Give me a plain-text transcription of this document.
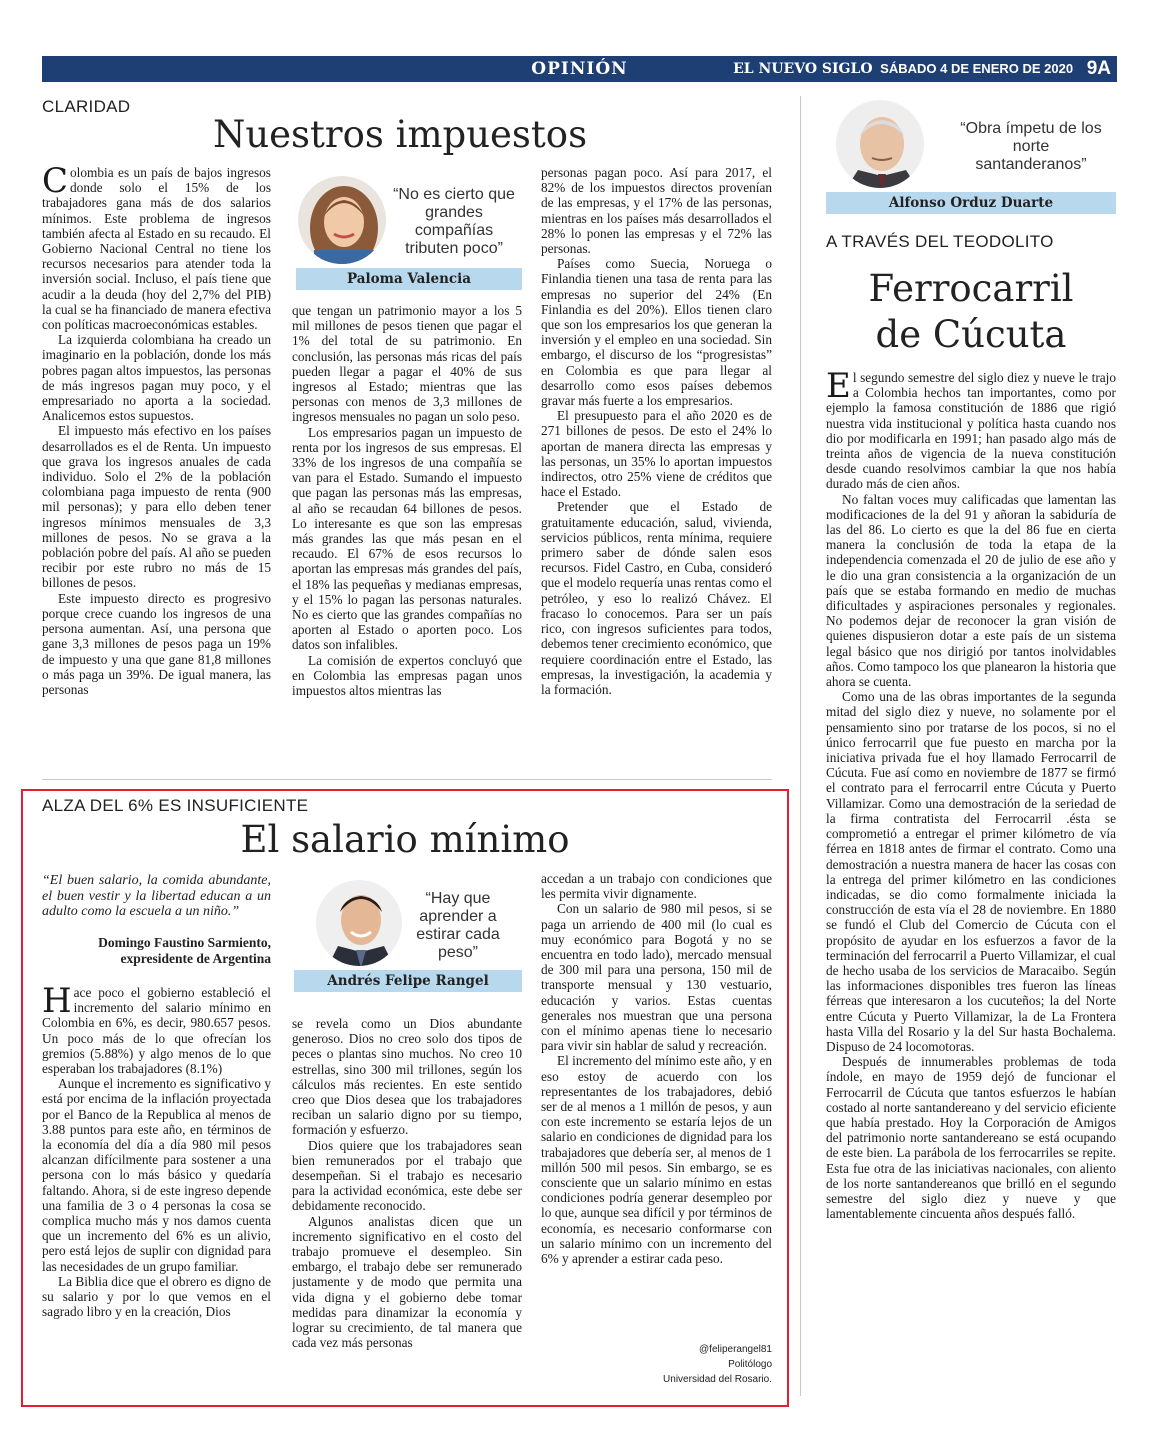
OPINIÓN	EL NUEVO SIGLO SÁBADO 4 DE ENERO DE 2020 9A
CLARIDAD
Nuestros impuestos

Colombia es un país de bajos ingresos donde solo el 15% de los trabajadores gana más de dos salarios mínimos. Este problema de ingresos también afecta al Estado en su recaudo. El Gobierno Nacional Central no tiene los recursos necesarios para atender toda la inversión social. Incluso, el país tiene que acudir a la deuda (hoy del 2,7% del PIB) la cual se ha financiado de manera efectiva con políticas macroeconómicas estables.

La izquierda colombiana ha creado un imaginario en la población, donde los más pobres pagan altos impuestos, las personas de más ingresos pagan muy poco, y el empresariado no aporta a la sociedad. Analicemos estos supuestos.

El impuesto más efectivo en los países desarrollados es el de Renta. Un impuesto que grava los ingresos anuales de cada individuo. Solo el 2% de la población colombiana paga impuesto de renta (900 mil personas); y para ello deben tener ingresos mínimos mensuales de 3,3 millones de pesos. No se grava a la población pobre del país. Al año se pueden recibir por este rubro no más de 15 billones de pesos.

Este impuesto directo es progresivo porque crece cuando los ingresos de una persona aumentan. Así, una persona que gane 3,3 millones de pesos paga un 19% de impuesto y una que gane 81,8 millones o más paga un 39%. De igual manera, las personas

“No es cierto que grandes compañías tributen poco”
Paloma Valencia

que tengan un patrimonio mayor a los 5 mil millones de pesos tienen que pagar el 1% del total de su patrimonio. En conclusión, las personas más ricas del país pueden llegar a pagar el 40% de sus ingresos al Estado; mientras que las personas con menos de 3,3 millones de ingresos mensuales no pagan un solo peso.

Los empresarios pagan un impuesto de renta por los ingresos de sus empresas. El 33% de los ingresos de una compañía se van para el Estado. Sumando el impuesto que pagan las personas más las empresas, al año se recaudan 64 billones de pesos. Lo interesante es que son las empresas más grandes las que más pesan en el recaudo. El 67% de esos recursos lo aportan las empresas más grandes del país, el 18% las pequeñas y medianas empresas, y el 15% lo pagan las personas naturales. No es cierto que las grandes compañías no aporten al Estado o aporten poco. Los datos son infalibles.

La comisión de expertos concluyó que en Colombia las empresas pagan unos impuestos altos mientras las

personas pagan poco. Así para 2017, el 82% de los impuestos directos provenían de las empresas, y el 17% de las personas, mientras en los países más desarrollados el 28% lo ponen las empresas y el 72% las personas.

Países como Suecia, Noruega o Finlandia tienen una tasa de renta para las empresas no superior del 24% (En Finlandia es del 20%). Ellos tienen claro que son los empresarios los que generan la inversión y el empleo en una sociedad. Sin embargo, el discurso de los “progresistas” en Colombia es que para llegar al desarrollo como esos países debemos gravar más fuerte a los empresarios.

El presupuesto para el año 2020 es de 271 billones de pesos. De esto el 24% lo aportan de manera directa las empresas y las personas, un 35% lo aportan impuestos indirectos, otro 25% viene de créditos que hace el Estado.

Pretender que el Estado de gratuitamente educación, salud, vivienda, servicios públicos, renta mínima, requiere primero saber de dónde salen esos recursos. Fidel Castro, en Cuba, consideró que el modelo requería unas rentas como el petróleo, y eso lo realizó Chávez. El fracaso lo conocemos. Para ser un país rico, con ingresos suficientes para todos, debemos tener crecimiento económico, que requiere coordinación entre el Estado, las empresas, la investigación, la academia y la formación.

ALZA DEL 6% ES INSUFICIENTE
El salario mínimo
“El buen salario, la comida abundante, el buen vestir y la libertad educan a un adulto como la escuela a un niño.”
Domingo Faustino Sarmiento,
expresidente de Argentina

Hace poco el gobierno estableció el incremento del salario mínimo en Colombia en 6%, es decir, 980.657 pesos. Un poco más de lo que ofrecían los gremios (5.88%) y algo menos de lo que esperaban los trabajadores (8.1%)

Aunque el incremento es significativo y está por encima de la inflación proyectada por el Banco de la Republica al menos de 3.88 puntos para este año, en términos de la economía del día a día 980 mil pesos alcanzan difícilmente para sostener a una persona con lo más básico y quedaría faltando. Ahora, si de este ingreso depende una familia de 3 o 4 personas la cosa se complica mucho más y nos damos cuenta que un incremento del 6% es un alivio, pero está lejos de suplir con dignidad para las necesidades de un grupo familiar.

La Biblia dice que el obrero es digno de su salario y por lo que vemos en el sagrado libro y en la creación, Dios

“Hay que aprender a estirar cada peso”
Andrés Felipe Rangel

se revela como un Dios abundante generoso. Dios no creo solo dos tipos de peces o plantas sino muchos. No creo 10 estrellas, sino 300 mil trillones, según los cálculos más recientes. En este sentido creo que Dios desea que los trabajadores reciban un salario digno por su tiempo, formación y esfuerzo.

Dios quiere que los trabajadores sean bien remunerados por el trabajo que desempeñan. Si el trabajo es necesario para la actividad económica, este debe ser debidamente reconocido.

Algunos analistas dicen que un incremento significativo en el costo del trabajo promueve el desempleo. Sin embargo, el trabajo debe ser remunerado justamente y de modo que permita una vida digna y el gobierno debe tomar medidas para dinamizar la economía y lograr su crecimiento, de tal manera que cada vez más personas

accedan a un trabajo con condiciones que les permita vivir dignamente.

Con un salario de 980 mil pesos, si se paga un arriendo de 400 mil (lo cual es muy económico para Bogotá y no se encuentra en todo lado), mercado mensual de 300 mil para una persona, 150 mil de transporte mensual y 130 vestuario, educación y varios. Estas cuentas generales nos muestran que una persona con el mínimo apenas tiene lo necesario para vivir sin hablar de salud y recreación.

El incremento del mínimo este año, y en eso estoy de acuerdo con los representantes de los trabajadores, debió ser de al menos a 1 millón de pesos, y aun con este incremento se estaría lejos de un salario en condiciones de dignidad para los trabajadores que debería ser, al menos de 1 millón 500 mil pesos. Sin embargo, se es consciente que un salario mínimo en estas condiciones podría generar desempleo por lo que, aunque sea difícil y por términos de economía, es necesario conformarse con un salario mínimo con un incremento del 6% y aprender a estirar cada peso.

@feliperangel81
Politólogo
Universidad del Rosario.
“Obra ímpetu de los norte santanderanos”
Alfonso Orduz Duarte
A TRAVÉS DEL TEODOLITO
Ferrocarril
de Cúcuta

El segundo semestre del siglo diez y nueve le trajo a Colombia hechos tan importantes, como por ejemplo la famosa constitución de 1886 que rigió nuestra vida institucional y política hasta cuando nos dio por modificarla en 1991; han pasado algo más de treinta años de vigencia de la nueva constitución desde cuando resolvimos cambiar la que nos había durado más de cien años.

No faltan voces muy calificadas que lamentan las modificaciones de la del 91 y añoran la sabiduría de las del 86. Lo cierto es que la del 86 fue en cierta manera la conclusión de toda la etapa de la independencia comenzada el 20 de julio de ese año y le dio una gran consistencia a la organización de un país que se estaba formando en medio de muchas dificultades y aspiraciones personales y regionales. No podemos dejar de reconocer la gran visión de quienes dispusieron dotar a este país de un sistema legal básico que nos dirigió por tantos inolvidables años. Como tampoco los que planearon la historia que ahora se cuenta.

Como una de las obras importantes de la segunda mitad del siglo diez y nueve, no solamente por el pensamiento sino por tratarse de los pocos, si no el único ferrocarril que fue puesto en marcha por la iniciativa privada fue el hoy llamado Ferrocarril de Cúcuta. Fue así como en noviembre de 1877 se firmó el contrato para el ferrocarril entre Cúcuta y Puerto Villamizar. Como una demostración de la seriedad de la firma contratista del Ferrocarril .ésta se comprometió a entregar el primer kilómetro de vía férrea en 1818 antes de firmar el contrato. Como una demostración a nuestra manera de hacer las cosas con la entrega del primer kilómetro en las condiciones indicadas, se dio como formalmente iniciada la construcción de esta vía el 28 de noviembre. En 1880 se fundó el Club del Comercio de Cúcuta con el propósito de ayudar en los esfuerzos a favor de la terminación del ferrocarril a Puerto Villamizar, el cual de hecho usaba de los servicios de Maracaibo. Según las informaciones disponibles tres fueron las líneas férreas que interesaron a los cucuteños; la del Norte entre Cúcuta y Puerto Villamizar, la de La Frontera hasta Villa del Rosario y la del Sur hasta Bochalema. Dispuso de 24 locomotoras.

Después de innumerables problemas de toda índole, en mayo de 1959 dejó de funcionar el Ferrocarril de Cúcuta que tantos esfuerzos le habían costado al norte santandereano y del servicio eficiente que había prestado. Hoy la Corporación de Amigos del patrimonio norte santandereano se está ocupando de este bien. La parábola de los ferrocarriles se repite. Esta fue otra de las iniciativas nacionales, con aliento de los norte santandereanos que brilló en el segundo semestre del siglo diez y nueve y que lamentablemente cincuenta años después falló.
